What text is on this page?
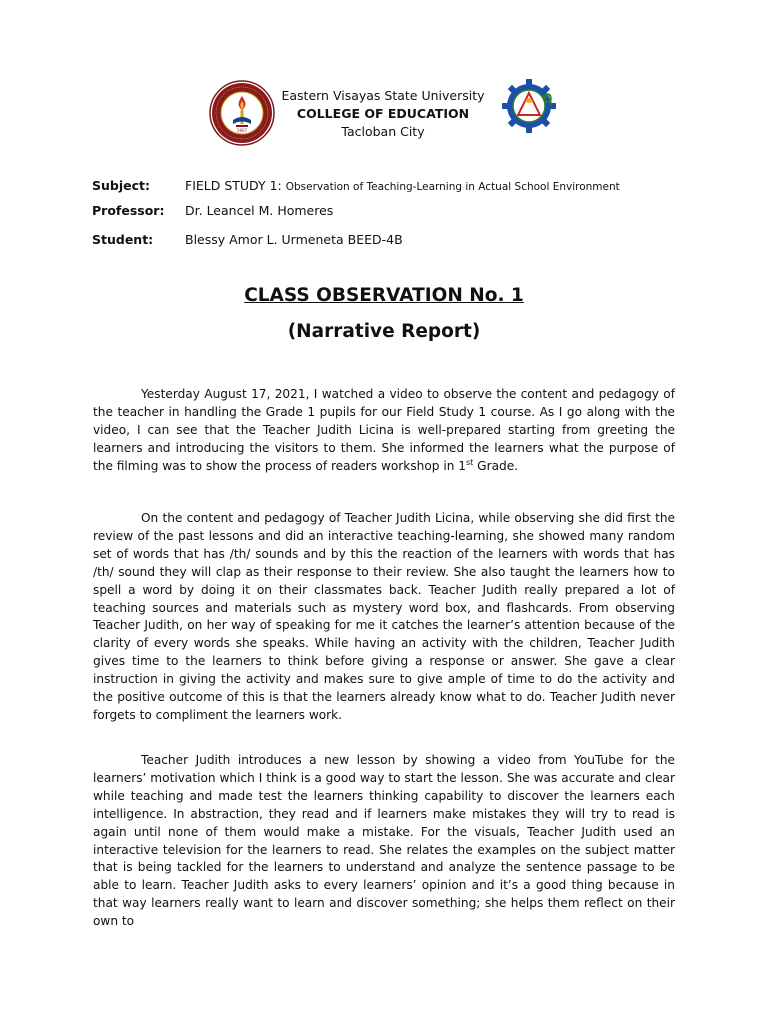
1907
Eastern Visayas State University
COLLEGE OF EDUCATION
Tacloban City
Subject:	FIELD STUDY 1: Observation of Teaching-Learning in Actual School Environment
Professor: Dr. Leancel M. Homeres
Student:	Blessy Amor L. Urmeneta BEED-4B
CLASS OBSERVATION No. 1
(Narrative Report)

Yesterday August 17, 2021, I watched a video to observe the content and pedagogy of the teacher in handling the Grade 1 pupils for our Field Study 1 course. As I go along with the video, I can see that the Teacher Judith Licina is well-prepared starting from greeting the learners and introducing the visitors to them. She informed the learners what the purpose of the filming was to show the process of readers workshop in 1st Grade.

On the content and pedagogy of Teacher Judith Licina, while observing she did first the review of the past lessons and did an interactive teaching-learning, she showed many random set of words that has /th/ sounds and by this the reaction of the learners with words that has /th/ sound they will clap as their response to their review. She also taught the learners how to spell a word by doing it on their classmates back. Teacher Judith really prepared a lot of teaching sources and materials such as mystery word box, and flashcards. From observing Teacher Judith, on her way of speaking for me it catches the learner’s attention because of the clarity of every words she speaks. While having an activity with the children, Teacher Judith gives time to the learners to think before giving a response or answer. She gave a clear instruction in giving the activity and makes sure to give ample of time to do the activity and the positive outcome of this is that the learners already know what to do. Teacher Judith never forgets to compliment the learners work.

Teacher Judith introduces a new lesson by showing a video from YouTube for the learners’ motivation which I think is a good way to start the lesson. She was accurate and clear while teaching and made test the learners thinking capability to discover the learners each intelligence. In abstraction, they read and if learners make mistakes they will try to read is again until none of them would make a mistake. For the visuals, Teacher Judith used an interactive television for the learners to read. She relates the examples on the subject matter that is being tackled for the learners to understand and analyze the sentence passage to be able to learn. Teacher Judith asks to every learners’ opinion and it’s a good thing because in that way learners really want to learn and discover something; she helps them reflect on their own to
